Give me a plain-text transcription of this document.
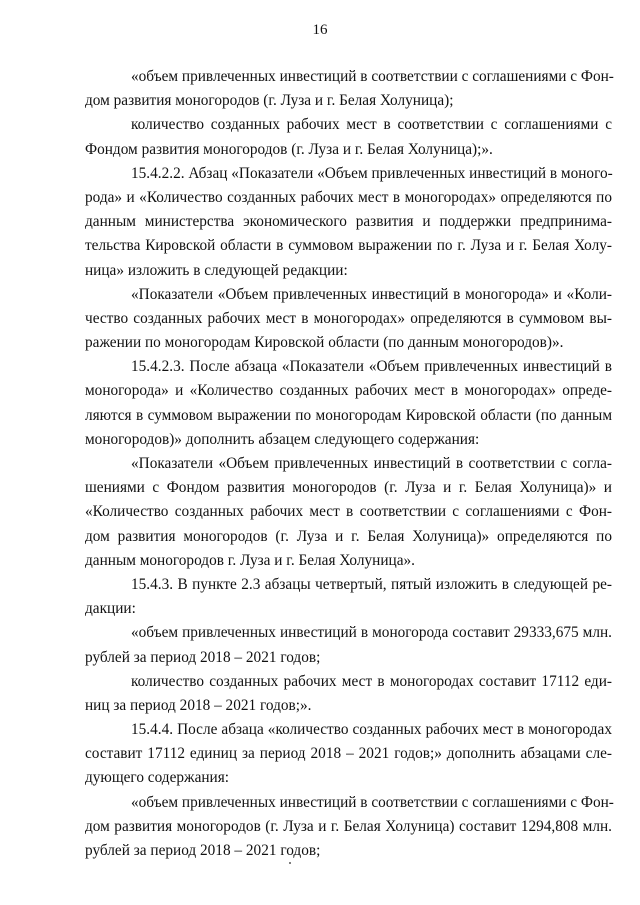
16
«объем привлеченных инвестиций в соответствии с соглашениями с Фон-
дом развития моногородов (г. Луза и г. Белая Холуница);
количество созданных рабочих мест в соответствии с соглашениями с
Фондом развития моногородов (г. Луза и г. Белая Холуница);».
15.4.2.2. Абзац «Показатели «Объем привлеченных инвестиций в моного-
рода» и «Количество созданных рабочих мест в моногородах» определяются по
данным министерства экономического развития и поддержки предпринима-
тельства Кировской области в суммовом выражении по г. Луза и г. Белая Холу-
ница» изложить в следующей редакции:
«Показатели «Объем привлеченных инвестиций в моногорода» и «Коли-
чество созданных рабочих мест в моногородах» определяются в суммовом вы-
ражении по моногородам Кировской области (по данным моногородов)».
15.4.2.3. После абзаца «Показатели «Объем привлеченных инвестиций в
моногорода» и «Количество созданных рабочих мест в моногородах» опреде-
ляются в суммовом выражении по моногородам Кировской области (по данным
моногородов)» дополнить абзацем следующего содержания:
«Показатели «Объем привлеченных инвестиций в соответствии с согла-
шениями с Фондом развития моногородов (г. Луза и г. Белая Холуница)» и
«Количество созданных рабочих мест в соответствии с соглашениями с Фон-
дом развития моногородов (г. Луза и г. Белая Холуница)» определяются по
данным моногородов г. Луза и г. Белая Холуница».
15.4.3. В пункте 2.3 абзацы четвертый, пятый изложить в следующей ре-
дакции:
«объем привлеченных инвестиций в моногорода составит 29333,675 млн.
рублей за период 2018 – 2021 годов;
количество созданных рабочих мест в моногородах составит 17112 еди-
ниц за период 2018 – 2021 годов;».
15.4.4. После абзаца «количество созданных рабочих мест в моногородах
составит 17112 единиц за период 2018 – 2021 годов;» дополнить абзацами сле-
дующего содержания:
«объем привлеченных инвестиций в соответствии с соглашениями с Фон-
дом развития моногородов (г. Луза и г. Белая Холуница) составит 1294,808 млн.
рублей за период 2018 – 2021 годов;
